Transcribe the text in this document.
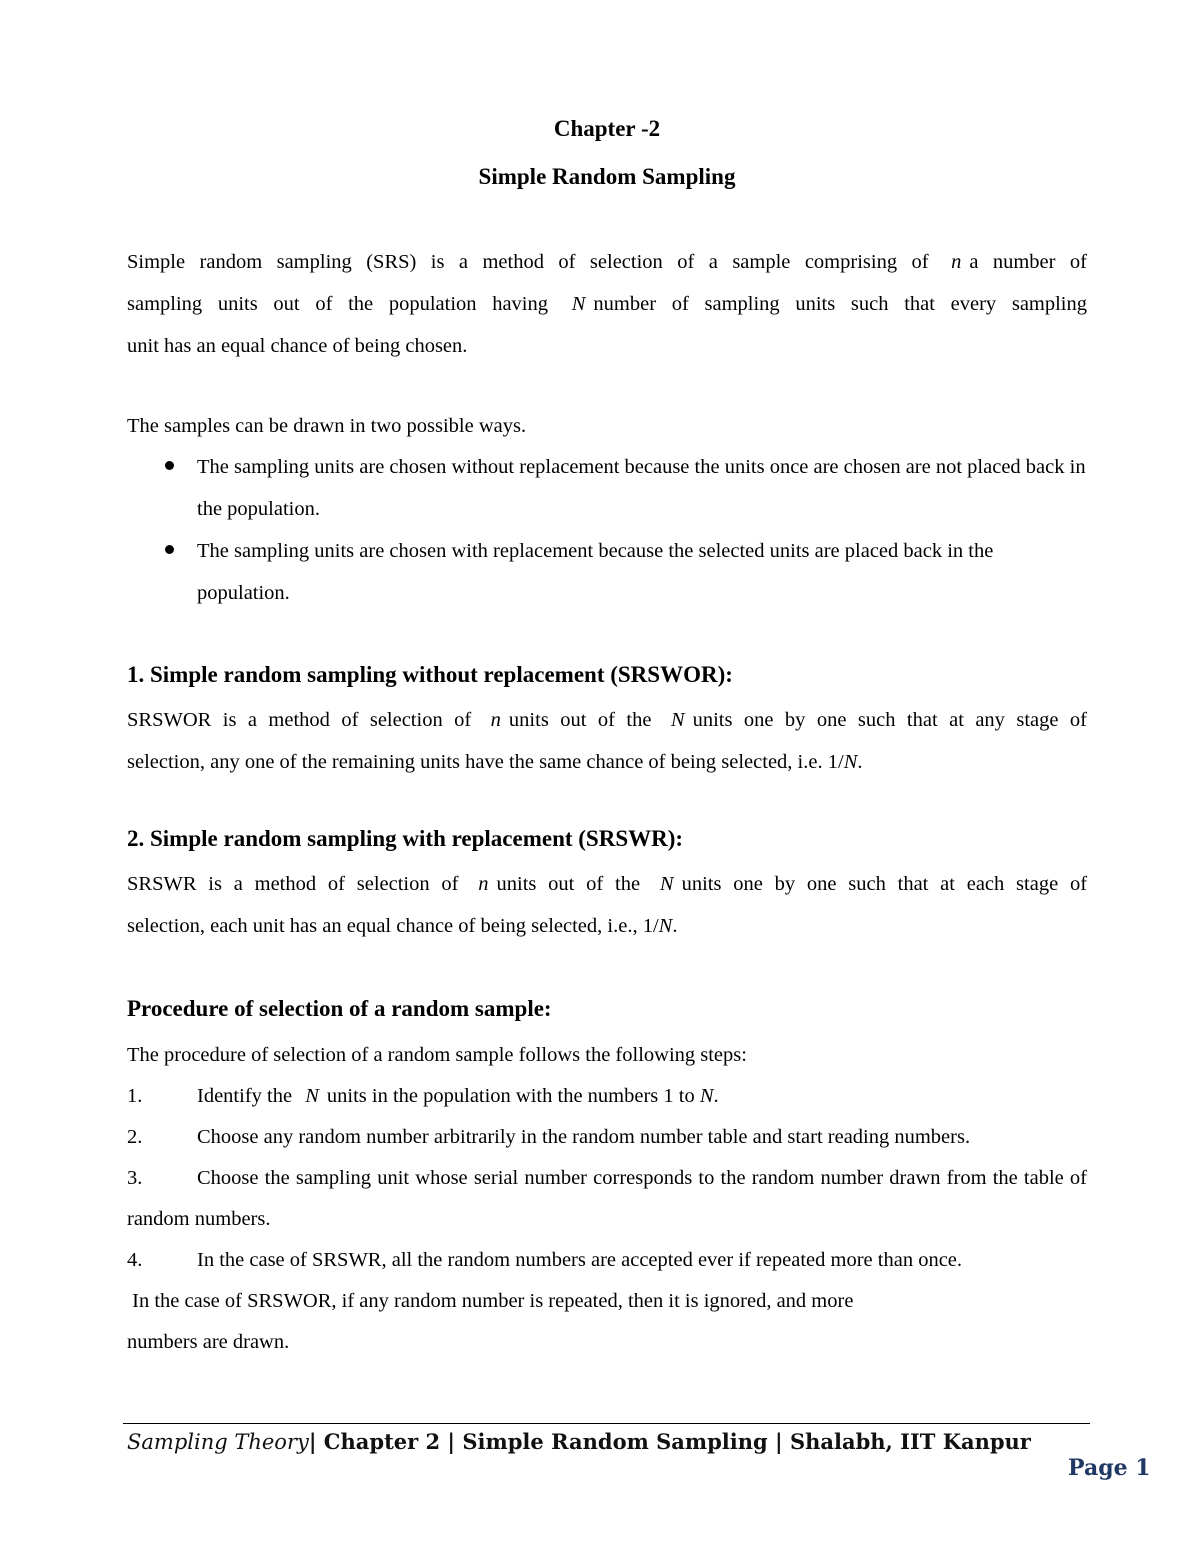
Chapter -2
Simple Random Sampling
Simple random sampling (SRS) is a method of selection of a sample comprising of n a number of
sampling units out of the population having N number of sampling units such that every sampling
unit has an equal chance of being chosen.
The samples can be drawn in two possible ways.
The sampling units are chosen without replacement because the units once are chosen are not placed back in the population.
The sampling units are chosen with replacement because the selected units are placed back in the population.
1. Simple random sampling without replacement (SRSWOR):
SRSWOR is a method of selection of n units out of the N units one by one such that at any stage of
selection, any one of the remaining units have the same chance of being selected, i.e. 1/N.
2. Simple random sampling with replacement (SRSWR):
SRSWR is a method of selection of n units out of the N units one by one such that at each stage of
selection, each unit has an equal chance of being selected, i.e., 1/N.
Procedure of selection of a random sample:
The procedure of selection of a random sample follows the following steps:
1.	Identify the N units in the population with the numbers 1 to N.
2.	Choose any random number arbitrarily in the random number table and start reading numbers.
3.	Choose the sampling unit whose serial number corresponds to the random number drawn from the table of random numbers.
4.	In the case of SRSWR, all the random numbers are accepted ever if repeated more than once.
In the case of SRSWOR, if any random number is repeated, then it is ignored, and more
numbers are drawn.
Sampling Theory| Chapter 2 | Simple Random Sampling | Shalabh, IIT Kanpur
Page 1
